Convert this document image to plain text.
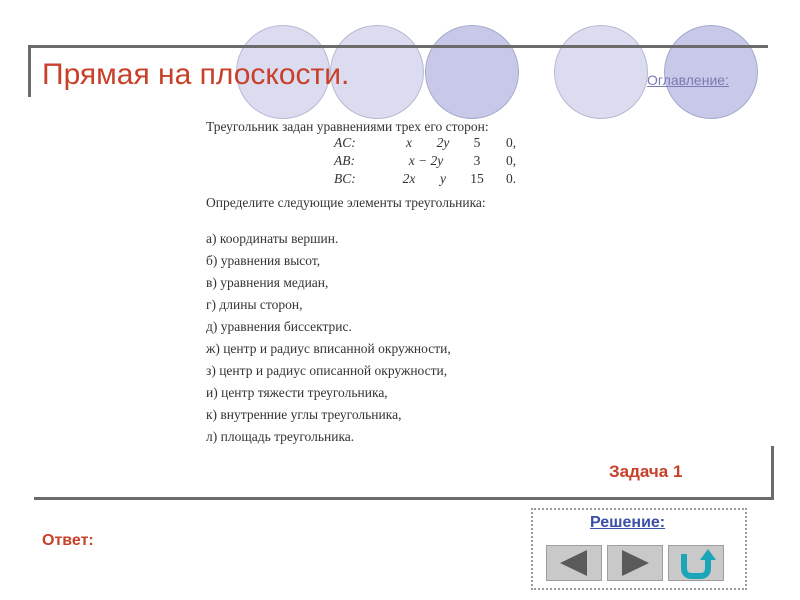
Прямая на плоскости.	Оглавление:
Треугольник задан уравнениями трех его сторон:
AC:	x	2y	5	0,
AB:	x − 2y	3	0,
BC:	2x	y	15	0.
Определите следующие элементы треугольника:
а) координаты вершин.
б) уравнения высот,
в) уравнения медиан,
г) длины сторон,
д) уравнения биссектрис.
ж) центр и радиус вписанной окружности,
з) центр и радиус описанной окружности,
и) центр тяжести треугольника,
к) внутренние углы треугольника,
л) площадь треугольника.
Задача 1
Ответ:
Решение:
